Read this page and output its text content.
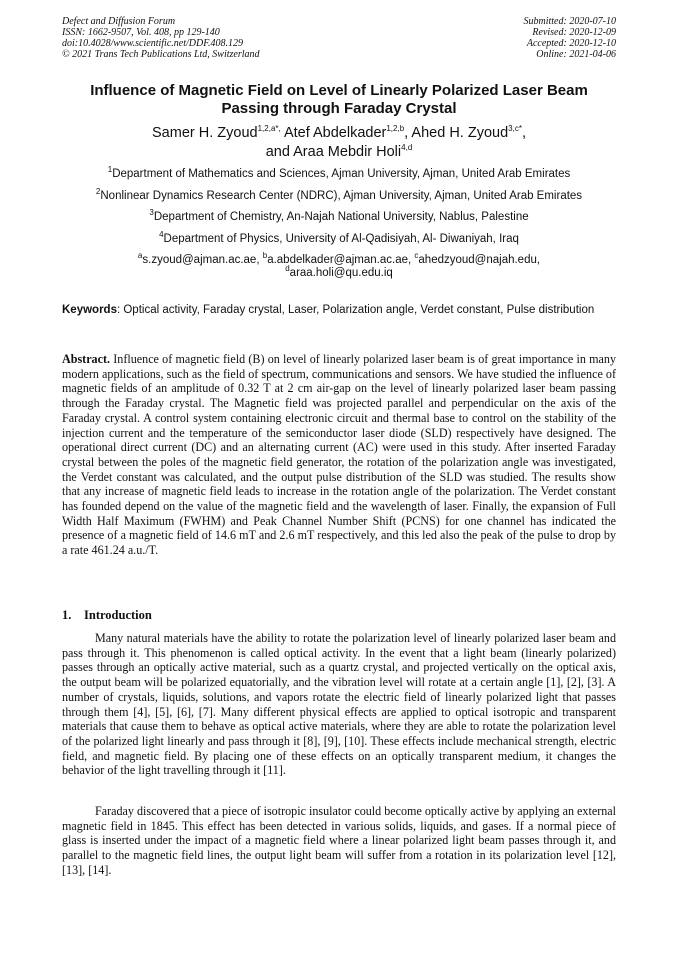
Defect and Diffusion Forum
ISSN: 1662-9507, Vol. 408, pp 129-140
doi:10.4028/www.scientific.net/DDF.408.129
© 2021 Trans Tech Publications Ltd, Switzerland
Submitted: 2020-07-10
Revised: 2020-12-09
Accepted: 2020-12-10
Online: 2021-04-06
Influence of Magnetic Field on Level of Linearly Polarized Laser Beam
Passing through Faraday Crystal
Samer H. Zyoud$^{1,2,a*,}$ Atef Abdelkader$^{1,2,b}$, Ahed H. Zyoud$^{3,c*}$,
and Araa Mebdir Holi$^{4,d}$
$^1$Department of Mathematics and Sciences, Ajman University, Ajman, United Arab Emirates
$^2$Nonlinear Dynamics Research Center (NDRC), Ajman University, Ajman, United Arab Emirates
$^3$Department of Chemistry, An-Najah National University, Nablus, Palestine
$^4$Department of Physics, University of Al-Qadisiyah, Al- Diwaniyah, Iraq
$^a$s.zyoud@ajman.ac.ae, $^b$a.abdelkader@ajman.ac.ae, $^c$ahedzyoud@najah.edu,
$^d$araa.holi@qu.edu.iq
Keywords: Optical activity, Faraday crystal, Laser, Polarization angle, Verdet constant, Pulse distribution
Abstract. Influence of magnetic field (B) on level of linearly polarized laser beam is of great importance in many modern applications, such as the field of spectrum, communications and sensors. We have studied the influence of magnetic fields of an amplitude of 0.32 T at 2 cm air-gap on the level of linearly polarized laser beam passing through the Faraday crystal. The Magnetic field was projected parallel and perpendicular on the axis of the Faraday crystal. A control system containing electronic circuit and thermal base to control on the stability of the injection current and the temperature of the semiconductor laser diode (SLD) respectively have designed. The operational direct current (DC) and an alternating current (AC) were used in this study. After inserted Faraday crystal between the poles of the magnetic field generator, the rotation of the polarization angle was investigated, the Verdet constant was calculated, and the output pulse distribution of the SLD was studied. The results show that any increase of magnetic field leads to increase in the rotation angle of the polarization. The Verdet constant has founded depend on the value of the magnetic field and the wavelength of laser. Finally, the expansion of Full Width Half Maximum (FWHM) and Peak Channel Number Shift (PCNS) for one channel has indicated the presence of a magnetic field of 14.6 mT and 2.6 mT respectively, and this led also the peak of the pulse to drop by a rate 461.24 a.u./T.
1. Introduction
Many natural materials have the ability to rotate the polarization level of linearly polarized laser beam and pass through it. This phenomenon is called optical activity. In the event that a light beam (linearly polarized) passes through an optically active material, such as a quartz crystal, and projected vertically on the optical axis, the output beam will be polarized equatorially, and the vibration level will rotate at a certain angle [1], [2], [3]. A number of crystals, liquids, solutions, and vapors rotate the electric field of linearly polarized light that passes through them [4], [5], [6], [7]. Many different physical effects are applied to optical isotropic and transparent materials that cause them to behave as optical active materials, where they are able to rotate the polarization level of the polarized light linearly and pass through it [8], [9], [10]. These effects include mechanical strength, electric field, and magnetic field. By placing one of these effects on an optically transparent medium, it changes the behavior of the light travelling through it [11].
Faraday discovered that a piece of isotropic insulator could become optically active by applying an external magnetic field in 1845. This effect has been detected in various solids, liquids, and gases. If a normal piece of glass is inserted under the impact of a magnetic field where a linear polarized light beam passes through it, and parallel to the magnetic field lines, the output light beam will suffer from a rotation in its polarization level [12], [13], [14].
